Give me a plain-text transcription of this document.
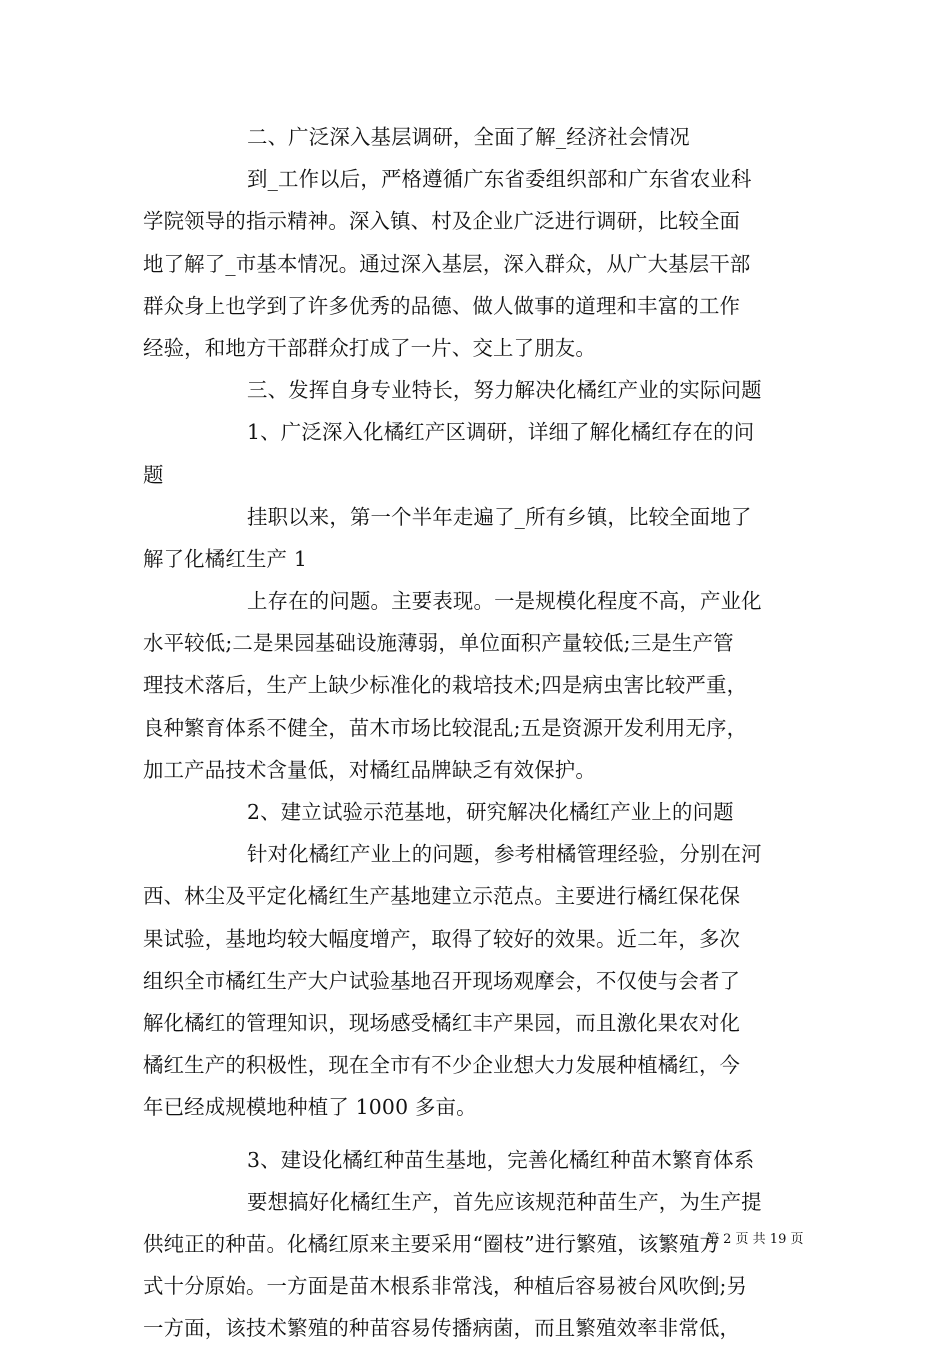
二、广泛深入基层调研，全面了解_经济社会情况
到_工作以后，严格遵循广东省委组织部和广东省农业科
学院领导的指示精神。深入镇、村及企业广泛进行调研，比较全面
地了解了_市基本情况。通过深入基层，深入群众，从广大基层干部
群众身上也学到了许多优秀的品德、做人做事的道理和丰富的工作
经验，和地方干部群众打成了一片、交上了朋友。
三、发挥自身专业特长，努力解决化橘红产业的实际问题
1、广泛深入化橘红产区调研，详细了解化橘红存在的问
题
挂职以来，第一个半年走遍了_所有乡镇，比较全面地了
解了化橘红生产 1
上存在的问题。主要表现。一是规模化程度不高，产业化
水平较低;二是果园基础设施薄弱，单位面积产量较低;三是生产管
理技术落后，生产上缺少标准化的栽培技术;四是病虫害比较严重，
良种繁育体系不健全，苗木市场比较混乱;五是资源开发利用无序，
加工产品技术含量低，对橘红品牌缺乏有效保护。
2、建立试验示范基地，研究解决化橘红产业上的问题
针对化橘红产业上的问题，参考柑橘管理经验，分别在河
西、林尘及平定化橘红生产基地建立示范点。主要进行橘红保花保
果试验，基地均较大幅度增产，取得了较好的效果。近二年，多次
组织全市橘红生产大户试验基地召开现场观摩会，不仅使与会者了
解化橘红的管理知识，现场感受橘红丰产果园，而且激化果农对化
橘红生产的积极性，现在全市有不少企业想大力发展种植橘红，今
年已经成规模地种植了 1000 多亩。
3、建设化橘红种苗生基地，完善化橘红种苗木繁育体系
要想搞好化橘红生产，首先应该规范种苗生产，为生产提
供纯正的种苗。化橘红原来主要采用“圈枝”进行繁殖，该繁殖方
式十分原始。一方面是苗木根系非常浅，种植后容易被台风吹倒;另
一方面，该技术繁殖的种苗容易传播病菌，而且繁殖效率非常低，
第 2 页 共 19 页
